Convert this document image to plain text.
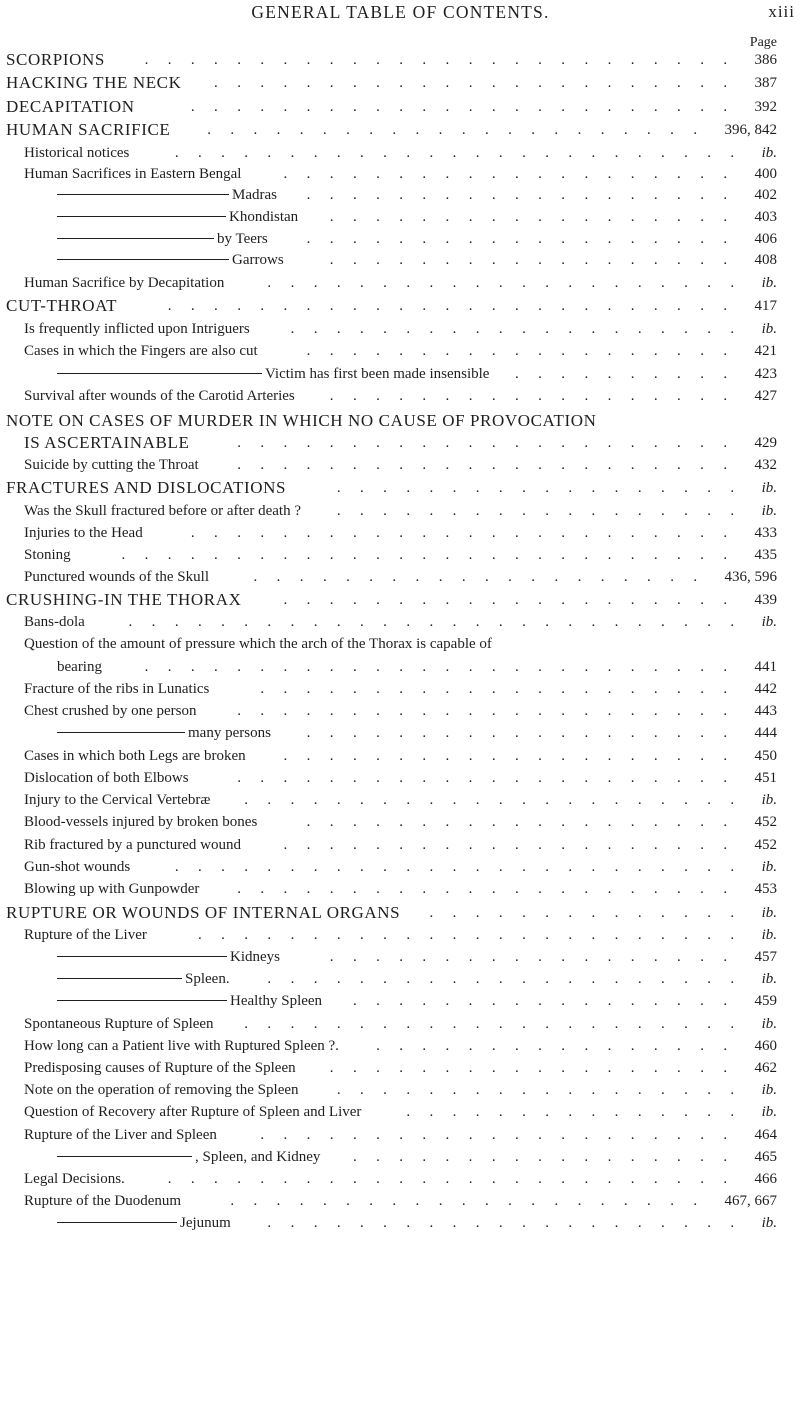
GENERAL TABLE OF CONTENTS.	xiii
Page
SCORPIONS	.......................... 386
HACKING THE NECK	....................... 387
DECAPITATION	........................ 392
HUMAN SACRIFICE	...................... 396, 842
Historical notices	......................... ib.
Human Sacrifices in Eastern Bengal	.................... 400
Madras	................... 402
Khondistan	.................. 403
by Teers	................... 406
Garrows	.................. 408
Human Sacrifice by Decapitation	..................... ib.
CUT-THROAT	......................... 417
Is frequently inflicted upon Intriguers	.................... ib.
Cases in which the Fingers are also cut	................... 421
Victim has first been made insensible	.......... 423
Survival after wounds of the Carotid Arteries	.................. 427
NOTE ON CASES OF MURDER IN WHICH NO CAUSE OF PROVOCATION
IS ASCERTAINABLE	...................... 429
Suicide by cutting the Throat	...................... 432
FRACTURES AND DISLOCATIONS	.................. ib.
Was the Skull fractured before or after death ?	.................. ib.
Injuries to the Head	........................ 433
Stoning	........................... 435
Punctured wounds of the Skull	.................... 436, 596
CRUSHING-IN THE THORAX	.................... 439
Bans-dola	........................... ib.
Question of the amount of pressure which the arch of the Thorax is capable of
bearing	.......................... 441
Fracture of the ribs in Lunatics	..................... 442
Chest crushed by one person	...................... 443
many persons	................... 444
Cases in which both Legs are broken	.................... 450
Dislocation of both Elbows	...................... 451
Injury to the Cervical Vertebræ	...................... ib.
Blood-vessels injured by broken bones	................... 452
Rib fractured by a punctured wound	.................... 452
Gun-shot wounds	......................... ib.
Blowing up with Gunpowder	...................... 453
RUPTURE OR WOUNDS OF INTERNAL ORGANS	.............. ib.
Rupture of the Liver	........................ ib.
Kidneys	.................. 457
Spleen.	..................... ib.
Healthy Spleen	................. 459
Spontaneous Rupture of Spleen	...................... ib.
How long can a Patient live with Ruptured Spleen ?.	................ 460
Predisposing causes of Rupture of the Spleen	.................. 462
Note on the operation of removing the Spleen	.................. ib.
Question of Recovery after Rupture of Spleen and Liver	............... ib.
Rupture of the Liver and Spleen	..................... 464
, Spleen, and Kidney	................. 465
Legal Decisions.	......................... 466
Rupture of the Duodenum	..................... 467, 667
Jejunum	..................... ib.
